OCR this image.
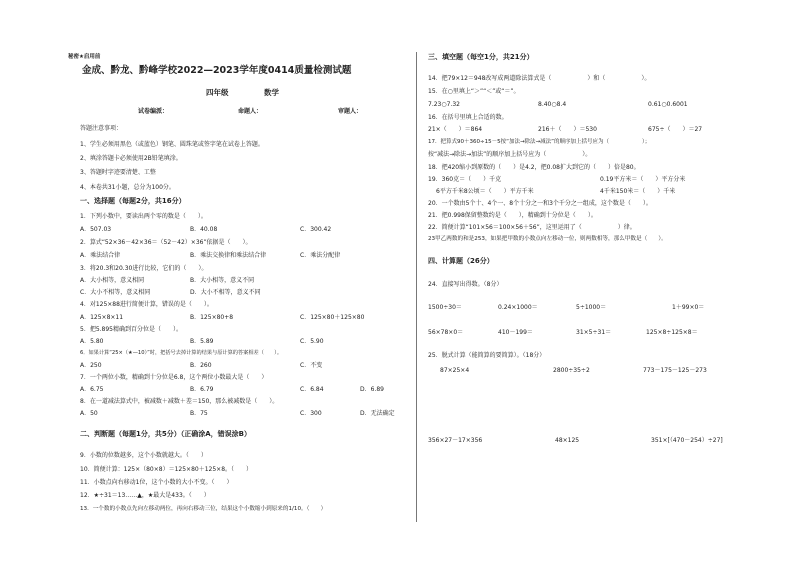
秘密★启用前
金成、黔龙、黔峰学校2022—2023学年度0414质量检测试题
四年级	数学
试卷编派：	命题人：	审题人：
答题注意事项：
1、学生必须用黑色（或蓝色）钢笔、圆珠笔或签字笔在试卷上答题。
2、填涂答题卡必须使用2B铅笔填涂。
3、答题时字迹要清楚、工整
4、本卷共31小题，总分为100分。
一、选择题（每题2分，共16分）
1．下列小数中，要读出两个零的数是（　　）。
A．507.03	B．40.08	C．300.42
2．算式“52×36－42×36＝（52－42）×36”依据是（　　）。
A．乘法结合律	B．乘法交换律和乘法结合律	C．乘法分配律
3．将20.3和20.30进行比较，它们的（　　）。
A．大小相等，意义相同	B．大小相等，意义不同
C．大小不相等，意义相同	D．大小不相等，意义不同
4．对125×88进行简便计算，错误的是（　　）。
A．125×8×11	B．125×80+8	C．125×80＋125×80
5．把5.895精确到百分位是（　　）。
A．5.80	B．5.89	C．5.90
6．如果计算“25×（★—10）”时，把括号去掉计算的结果与原计算的答案相差（　　）。
A．250	B．260	C．不变
7．一个两位小数，精确到十分位是6.8，这个两位小数最大是（　　）
A．6.75	B．6.79	C．6.84	D．6.89
8．在一道减法算式中，被减数＋减数＋差＝150，那么被减数是（　　）。
A．50	B．75	C．300	D．无法确定
二、判断题（每题1分，共5分）（正确涂A，错误涂B）
9．小数的位数越多，这个小数就越大。（　　）
10．简便计算：125×（80×8）＝125×80＋125×8。（　　）
11．小数点向右移动1位，这个小数的大小不变。（　　）
12．★÷31＝13……▲，★最大是433。（　　）
13．一个数的小数点先向左移动两位，再向右移动三位，结果这个小数缩小到原来的1/10。（　　）
三、填空题（每空1分，共21分）
14．把79×12＝948改写成两道除法算式是（　　　　　　）和（　　　　　　）。
15．在○里填上“＞”“＜”或“＝”。
7.23○7.32	8.40○8.4	0.61○0.6001
16．在括号里填上合适的数。
21×（　　）＝864	216＋（　　）＝530	675÷（　　）＝27
17．把算式90＋360÷15－5按“加法→除法→减法”的顺序加上括号应为（　　　　　　）；
按“减法→除法→加法”的顺序加上括号应为（　　　　　　）。
18．把420缩小到原数的（　　）是4.2，把0.08扩大到它的（　　）倍是80。
19．360克＝（　　）千克	0.19平方米＝（　　）平方分米
6平方千米8公顷＝（　　）平方千米	4千米150米＝（　　）千米
20．一个数由5个十、4个一、8个十分之一和3个千分之一组成，这个数是（　　）。
21．把0.998保留整数约是（　　），精确到十分位是（　　）。
22．简便计算“101×56＝100×56＋56”，这里运用了（　　　　　　）律。
23甲乙两数的和是253，如果把甲数的小数点向左移动一位，则两数相等，那么甲数是（　　）。
四、计算题（26分）
24．直接写出得数。（8分）
1500÷30＝	0.24×1000＝	5÷1000＝	1＋99×0＝
56×78×0＝	410－199＝	31×5÷31＝	125×8÷125×8＝
25．脱式计算（能简算的要简算）。（18分）
87×25×4	2800÷35÷2	773－175－125－273
356×27－17×356	48×125	351×[（470－254）÷27]
